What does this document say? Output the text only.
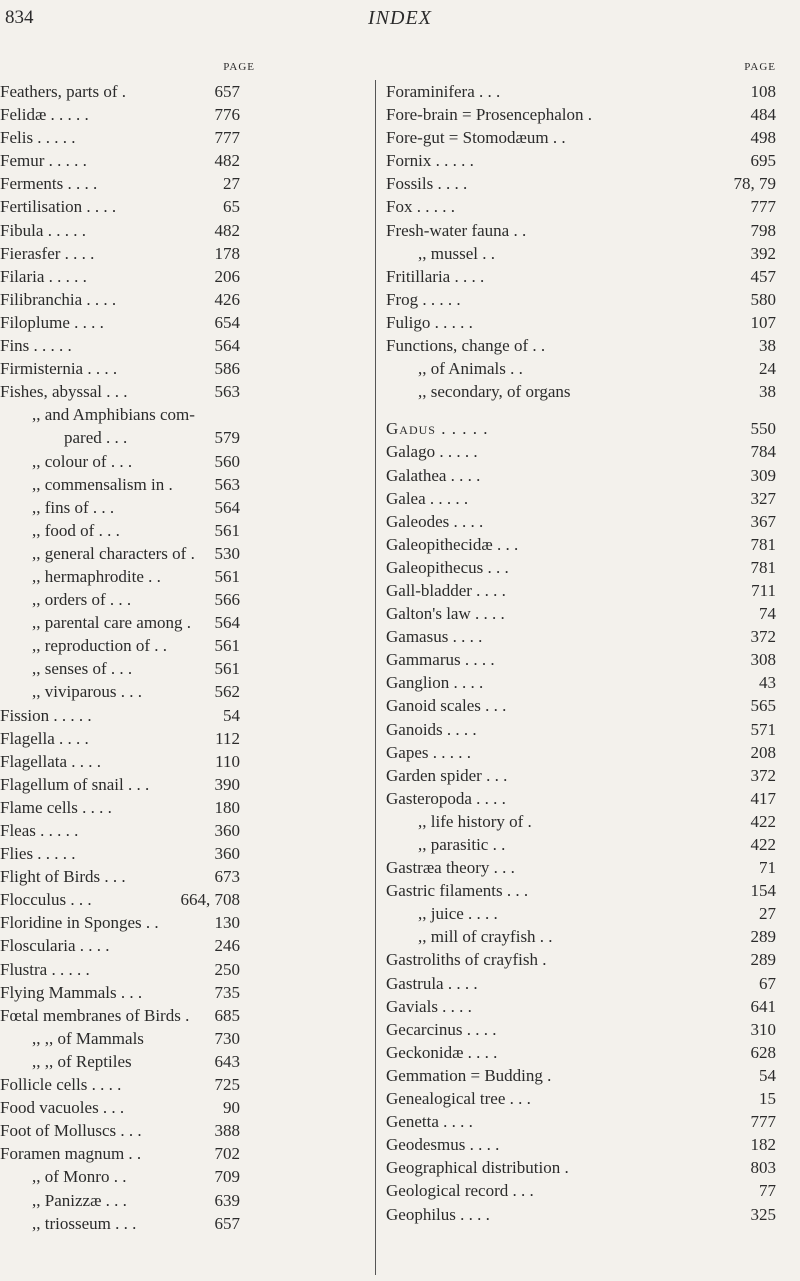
834	INDEX
PAGE
Feathers, parts of .	657
Felidæ . . . . .	776
Felis . . . . .	777
Femur . . . . .	482
Ferments . . . .	27
Fertilisation . . . .	65
Fibula . . . . .	482
Fierasfer . . . .	178
Filaria . . . . .	206
Filibranchia . . . .	426
Filoplume . . . .	654
Fins . . . . .	564
Firmisternia . . . .	586
Fishes, abyssal . . .	563
,, and Amphibians com-
pared . . .	579
,, colour of . . .	560
,, commensalism in . 563
,, fins of . . .	564
,, food of . . .	561
,, general characters of . 530
,, hermaphrodite . .	561
,, orders of . . .	566
,, parental care among . 564
,, reproduction of . .	561
,, senses of . . .	561
,, viviparous . . .	562
Fission . . . . .	54
Flagella . . . .	112
Flagellata . . . .	110
Flagellum of snail . . .	390
Flame cells . . . .	180
Fleas . . . . .	360
Flies . . . . .	360
Flight of Birds . . .	673
Flocculus . . .	664, 708
Floridine in Sponges . .	130
Floscularia . . . .	246
Flustra . . . . .	250
Flying Mammals . . .	735
Fœtal membranes of Birds . 685
,, ,, of Mammals	730
,, ,, of Reptiles	643
Follicle cells . . . .	725
Food vacuoles . . .	90
Foot of Molluscs . . .	388
Foramen magnum . .	702
,, of Monro . .	709
,, Panizzæ . . .	639
,, triosseum . . .	657
PAGE
Foraminifera . . .	108
Fore-brain = Prosencephalon .	484
Fore-gut = Stomodæum . .	498
Fornix . . . . .	695
Fossils . . . .	78, 79
Fox . . . . .	777
Fresh-water fauna . .	798
,, mussel . .	392
Fritillaria . . . .	457
Frog . . . . .	580
Fuligo . . . . .	107
Functions, change of . .	38
,, of Animals . .	24
,, secondary, of organs	38
Gadus . . . . .	550
Galago . . . . .	784
Galathea . . . .	309
Galea . . . . .	327
Galeodes . . . .	367
Galeopithecidæ . . .	781
Galeopithecus . . .	781
Gall-bladder . . . .	711
Galton's law . . . .	74
Gamasus . . . .	372
Gammarus . . . .	308
Ganglion . . . .	43
Ganoid scales . . .	565
Ganoids . . . .	571
Gapes . . . . .	208
Garden spider . . .	372
Gasteropoda . . . .	417
,, life history of .	422
,, parasitic . .	422
Gastræa theory . . .	71
Gastric filaments . . .	154
,, juice . . . .	27
,, mill of crayfish . .	289
Gastroliths of crayfish .	289
Gastrula . . . .	67
Gavials . . . .	641
Gecarcinus . . . .	310
Geckonidæ . . . .	628
Gemmation = Budding .	54
Genealogical tree . . .	15
Genetta . . . .	777
Geodesmus . . . .	182
Geographical distribution .	803
Geological record . . .	77
Geophilus . . . .	325
